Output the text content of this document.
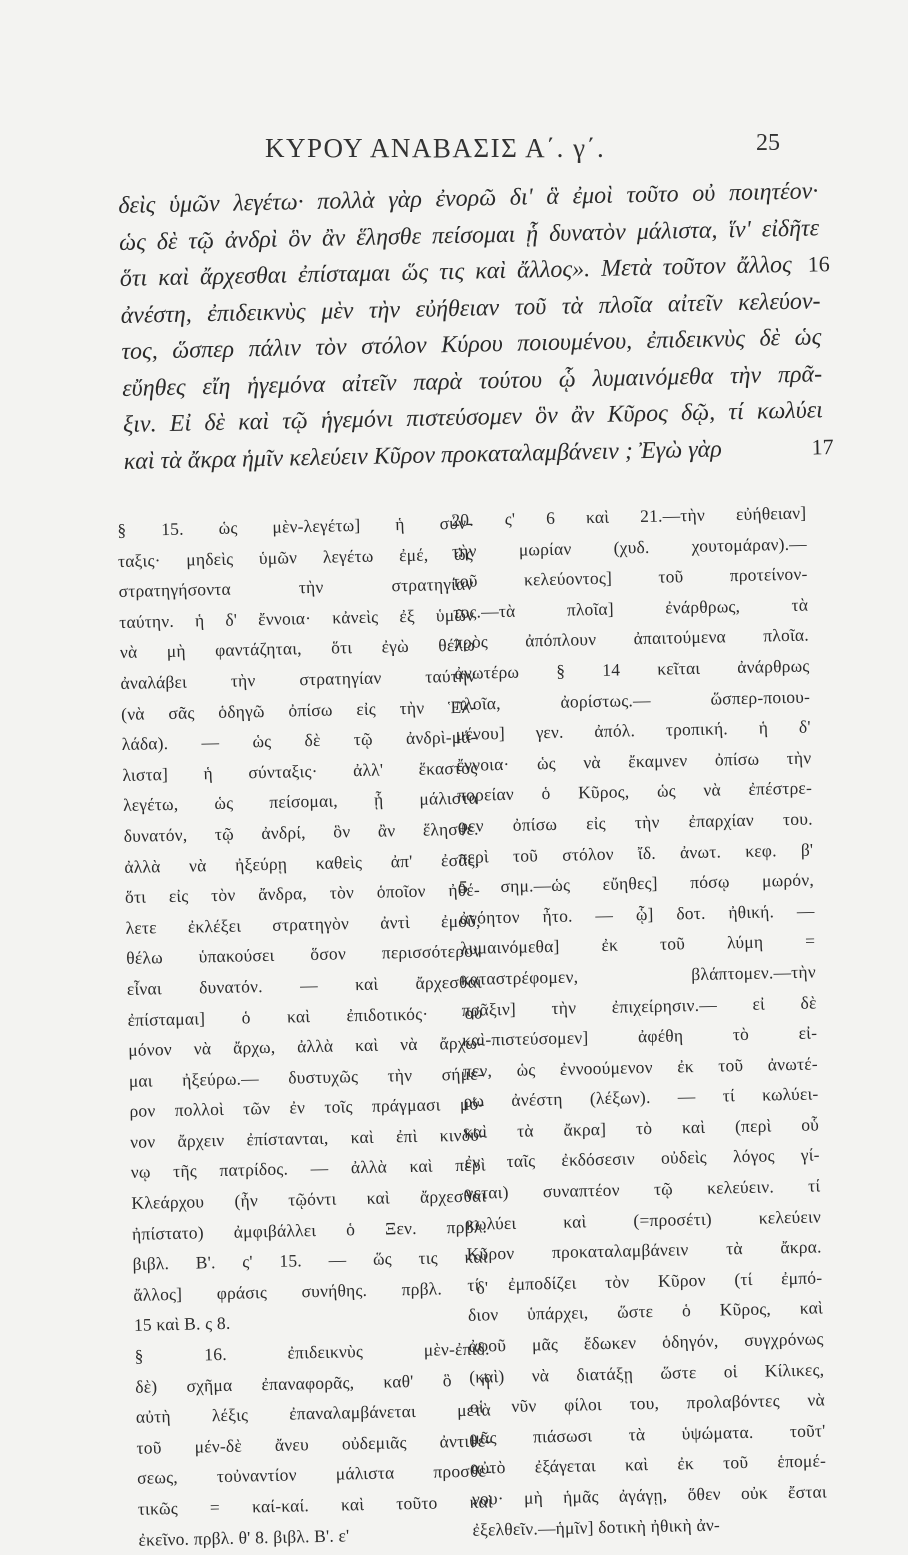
ΚΥΡΟΥ ΑΝΑΒΑΣΙΣ Α΄. γ΄.	25
δεὶς ὑμῶν λεγέτω· πολλὰ γὰρ ἐνορῶ δι' ἃ ἐμοὶ τοῦτο οὐ ποιητέον·
ὡς δὲ τῷ ἀνδρὶ ὃν ἂν ἕλησθε πείσομαι ᾗ δυνατὸν μάλιστα, ἵν' εἰδῆτε
ὅτι καὶ ἄρχεσθαι ἐπίσταμαι ὥς τις καὶ ἄλλος». Μετὰ τοῦτον ἄλλος 16
ἀνέστη, ἐπιδεικνὺς μὲν τὴν εὐήθειαν τοῦ τὰ πλοῖα αἰτεῖν κελεύον-
τος, ὥσπερ πάλιν τὸν στόλον Κύρου ποιουμένου, ἐπιδεικνὺς δὲ ὡς
εὔηθες εἴη ἡγεμόνα αἰτεῖν παρὰ τούτου ᾧ λυμαινόμεθα τὴν πρᾶ-
ξιν. Εἰ δὲ καὶ τῷ ἡγεμόνι πιστεύσομεν ὃν ἂν Κῦρος δῷ, τί κωλύει
καὶ τὰ ἄκρα ἡμῖν κελεύειν Κῦρον προκαταλαμβάνειν ; Ἐγὼ γὰρ	17
§ 15. ὡς μὲν-λεγέτω] ἡ σύν-
ταξις· μηδεὶς ὑμῶν λεγέτω ἐμέ, ὡς
στρατηγήσοντα τὴν στρατηγίαν
ταύτην. ἡ δ' ἔννοια· κἀνεὶς ἐξ ὑμῶν
νὰ μὴ φαντάζηται, ὅτι ἐγὼ θέλω
ἀναλάβει τὴν στρατηγίαν ταύτην
(νὰ σᾶς ὁδηγῶ ὀπίσω εἰς τὴν Ἑλ-
λάδα). — ὡς δὲ τῷ ἀνδρὶ-μά-
λιστα] ἡ σύνταξις· ἀλλ' ἕκαστος
λεγέτω, ὡς πείσομαι, ᾗ μάλιστα
δυνατόν, τῷ ἀνδρί, ὃν ἂν ἕλησθε.
ἀλλὰ νὰ ἠξεύρῃ καθεὶς ἀπ' ἐσᾶς,
ὅτι εἰς τὸν ἄνδρα, τὸν ὁποῖον ἠθέ-
λετε ἐκλέξει στρατηγὸν ἀντὶ ἐμοῦ,
θέλω ὑπακούσει ὅσον περισσότερον
εἶναι δυνατόν. — καὶ ἄρχεσθαι
ἐπίσταμαι] ὁ καὶ ἐπιδοτικός· οὐ
μόνον νὰ ἄρχω, ἀλλὰ καὶ νὰ ἄρχω-
μαι ἠξεύρω.— δυστυχῶς τὴν σήμε-
ρον πολλοὶ τῶν ἐν τοῖς πράγμασι μό-
νον ἄρχειν ἐπίστανται, καὶ ἐπὶ κινδύ-
νῳ τῆς πατρίδος. — ἀλλὰ καὶ περὶ
Κλεάρχου (ἦν τῷόντι καὶ ἄρχεσθαι
ἠπίστατο) ἀμφιβάλλει ὁ Ξεν. πρβλ.
βιβλ. Β'. ς' 15. — ὥς τις καὶ
ἄλλος] φράσις συνήθης. πρβλ. δ'
15 καὶ Β. ς 8.
§ 16. ἐπιδεικνὺς μὲν-ἐπιδ.
δὲ) σχῆμα ἐπαναφορᾶς, καθ' ὃ ἡ
αὐτὴ λέξις ἐπαναλαμβάνεται μετὰ
τοῦ μέν-δὲ ἄνευ οὐδεμιᾶς ἀντιθέ-
σεως, τοὐναντίον μάλιστα προσθε-
τικῶς = καί-καί. καὶ τοῦτο καὶ
ἐκεῖνο. πρβλ. θ' 8. βιβλ. Β'. ε'
20. ς' 6 καὶ 21.—τὴν εὐήθειαν]
τὴν μωρίαν (χυδ. χουτομάραν).—
τοῦ κελεύοντος] τοῦ προτείνον-
τος.—τὰ πλοῖα] ἐνάρθρως, τὰ
πρὸς ἀπόπλουν ἀπαιτούμενα πλοῖα.
ἀνωτέρω § 14 κεῖται ἀνάρθρως
πλοῖα, ἀορίστως.— ὥσπερ-ποιου-
μένου] γεν. ἀπόλ. τροπική. ἡ δ'
ἔννοια· ὡς νὰ ἔκαμνεν ὀπίσω τὴν
πορείαν ὁ Κῦρος, ὡς νὰ ἐπέστρε-
φεν ὀπίσω εἰς τὴν ἐπαρχίαν του.
περὶ τοῦ στόλον ἴδ. ἀνωτ. κεφ. β'
5 σημ.—ὡς εὔηθες] πόσῳ μωρόν,
ἀνόητον ἦτο. — ᾧ] δοτ. ἠθική. —
λυμαινόμεθα] ἐκ τοῦ λύμη =
καταστρέφομεν, βλάπτομεν.—τὴν
πρᾶξιν] τὴν ἐπιχείρησιν.— εἰ δὲ
καὶ-πιστεύσομεν] ἀφέθη τὸ εἰ-
πεν, ὡς ἐννοούμενον ἐκ τοῦ ἀνωτέ-
ρω ἀνέστη (λέξων). — τί κωλύει-
καὶ τὰ ἄκρα] τὸ καὶ (περὶ οὗ
ἐν ταῖς ἐκδόσεσιν οὐδεὶς λόγος γί-
νεται) συναπτέον τῷ κελεύειν. τί
κωλύει καὶ (=προσέτι) κελεύειν
Κῦρον προκαταλαμβάνειν τὰ ἄκρα.
τί ἐμποδίζει τὸν Κῦρον (τί ἐμπό-
διον ὑπάρχει, ὥστε ὁ Κῦρος, καὶ
ἀφοῦ μᾶς ἔδωκεν ὁδηγόν, συγχρόνως
(καὶ) νὰ διατάξῃ ὥστε οἱ Κίλικες,
οἱ νῦν φίλοι του, προλαβόντες νὰ
μᾶς πιάσωσι τὰ ὑψώματα. τοῦτ'
αὐτὸ ἐξάγεται καὶ ἐκ τοῦ ἑπομέ-
νου· μὴ ἡμᾶς ἀγάγῃ, ὅθεν οὐκ ἔσται
ἐξελθεῖν.—ἡμῖν] δοτικὴ ἠθικὴ ἀν-
